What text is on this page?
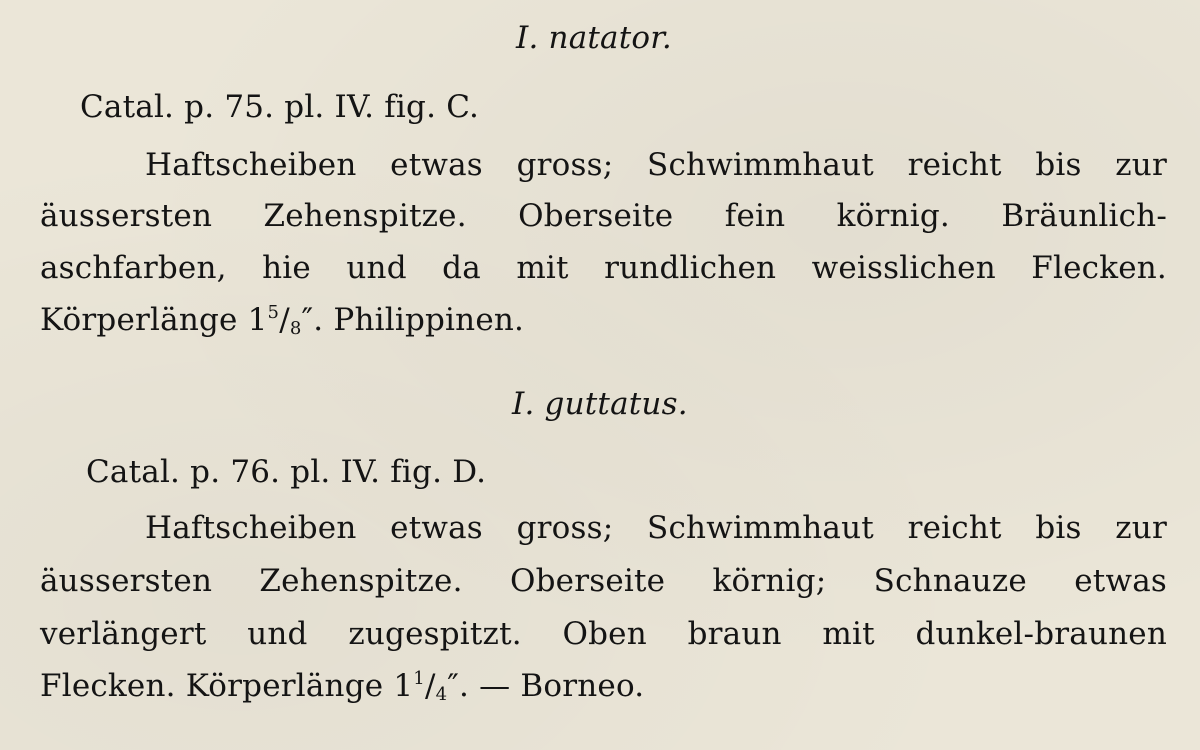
I. natator.
Catal. p. 75. pl. IV. fig. C.
Haftscheiben etwas gross; Schwimmhaut reicht bis zur
äussersten Zehenspitze. Oberseite fein körnig. Bräunlich-
aschfarben, hie und da mit rundlichen weisslichen Flecken.
Körperlänge $1^5/_8''$. Philippinen.
I. guttatus.
Catal. p. 76. pl. IV. fig. D.
Haftscheiben etwas gross; Schwimmhaut reicht bis zur
äussersten Zehenspitze. Oberseite körnig; Schnauze etwas
verlängert und zugespitzt. Oben braun mit dunkel-braunen
Flecken. Körperlänge $1^1/_4''$. — Borneo.
